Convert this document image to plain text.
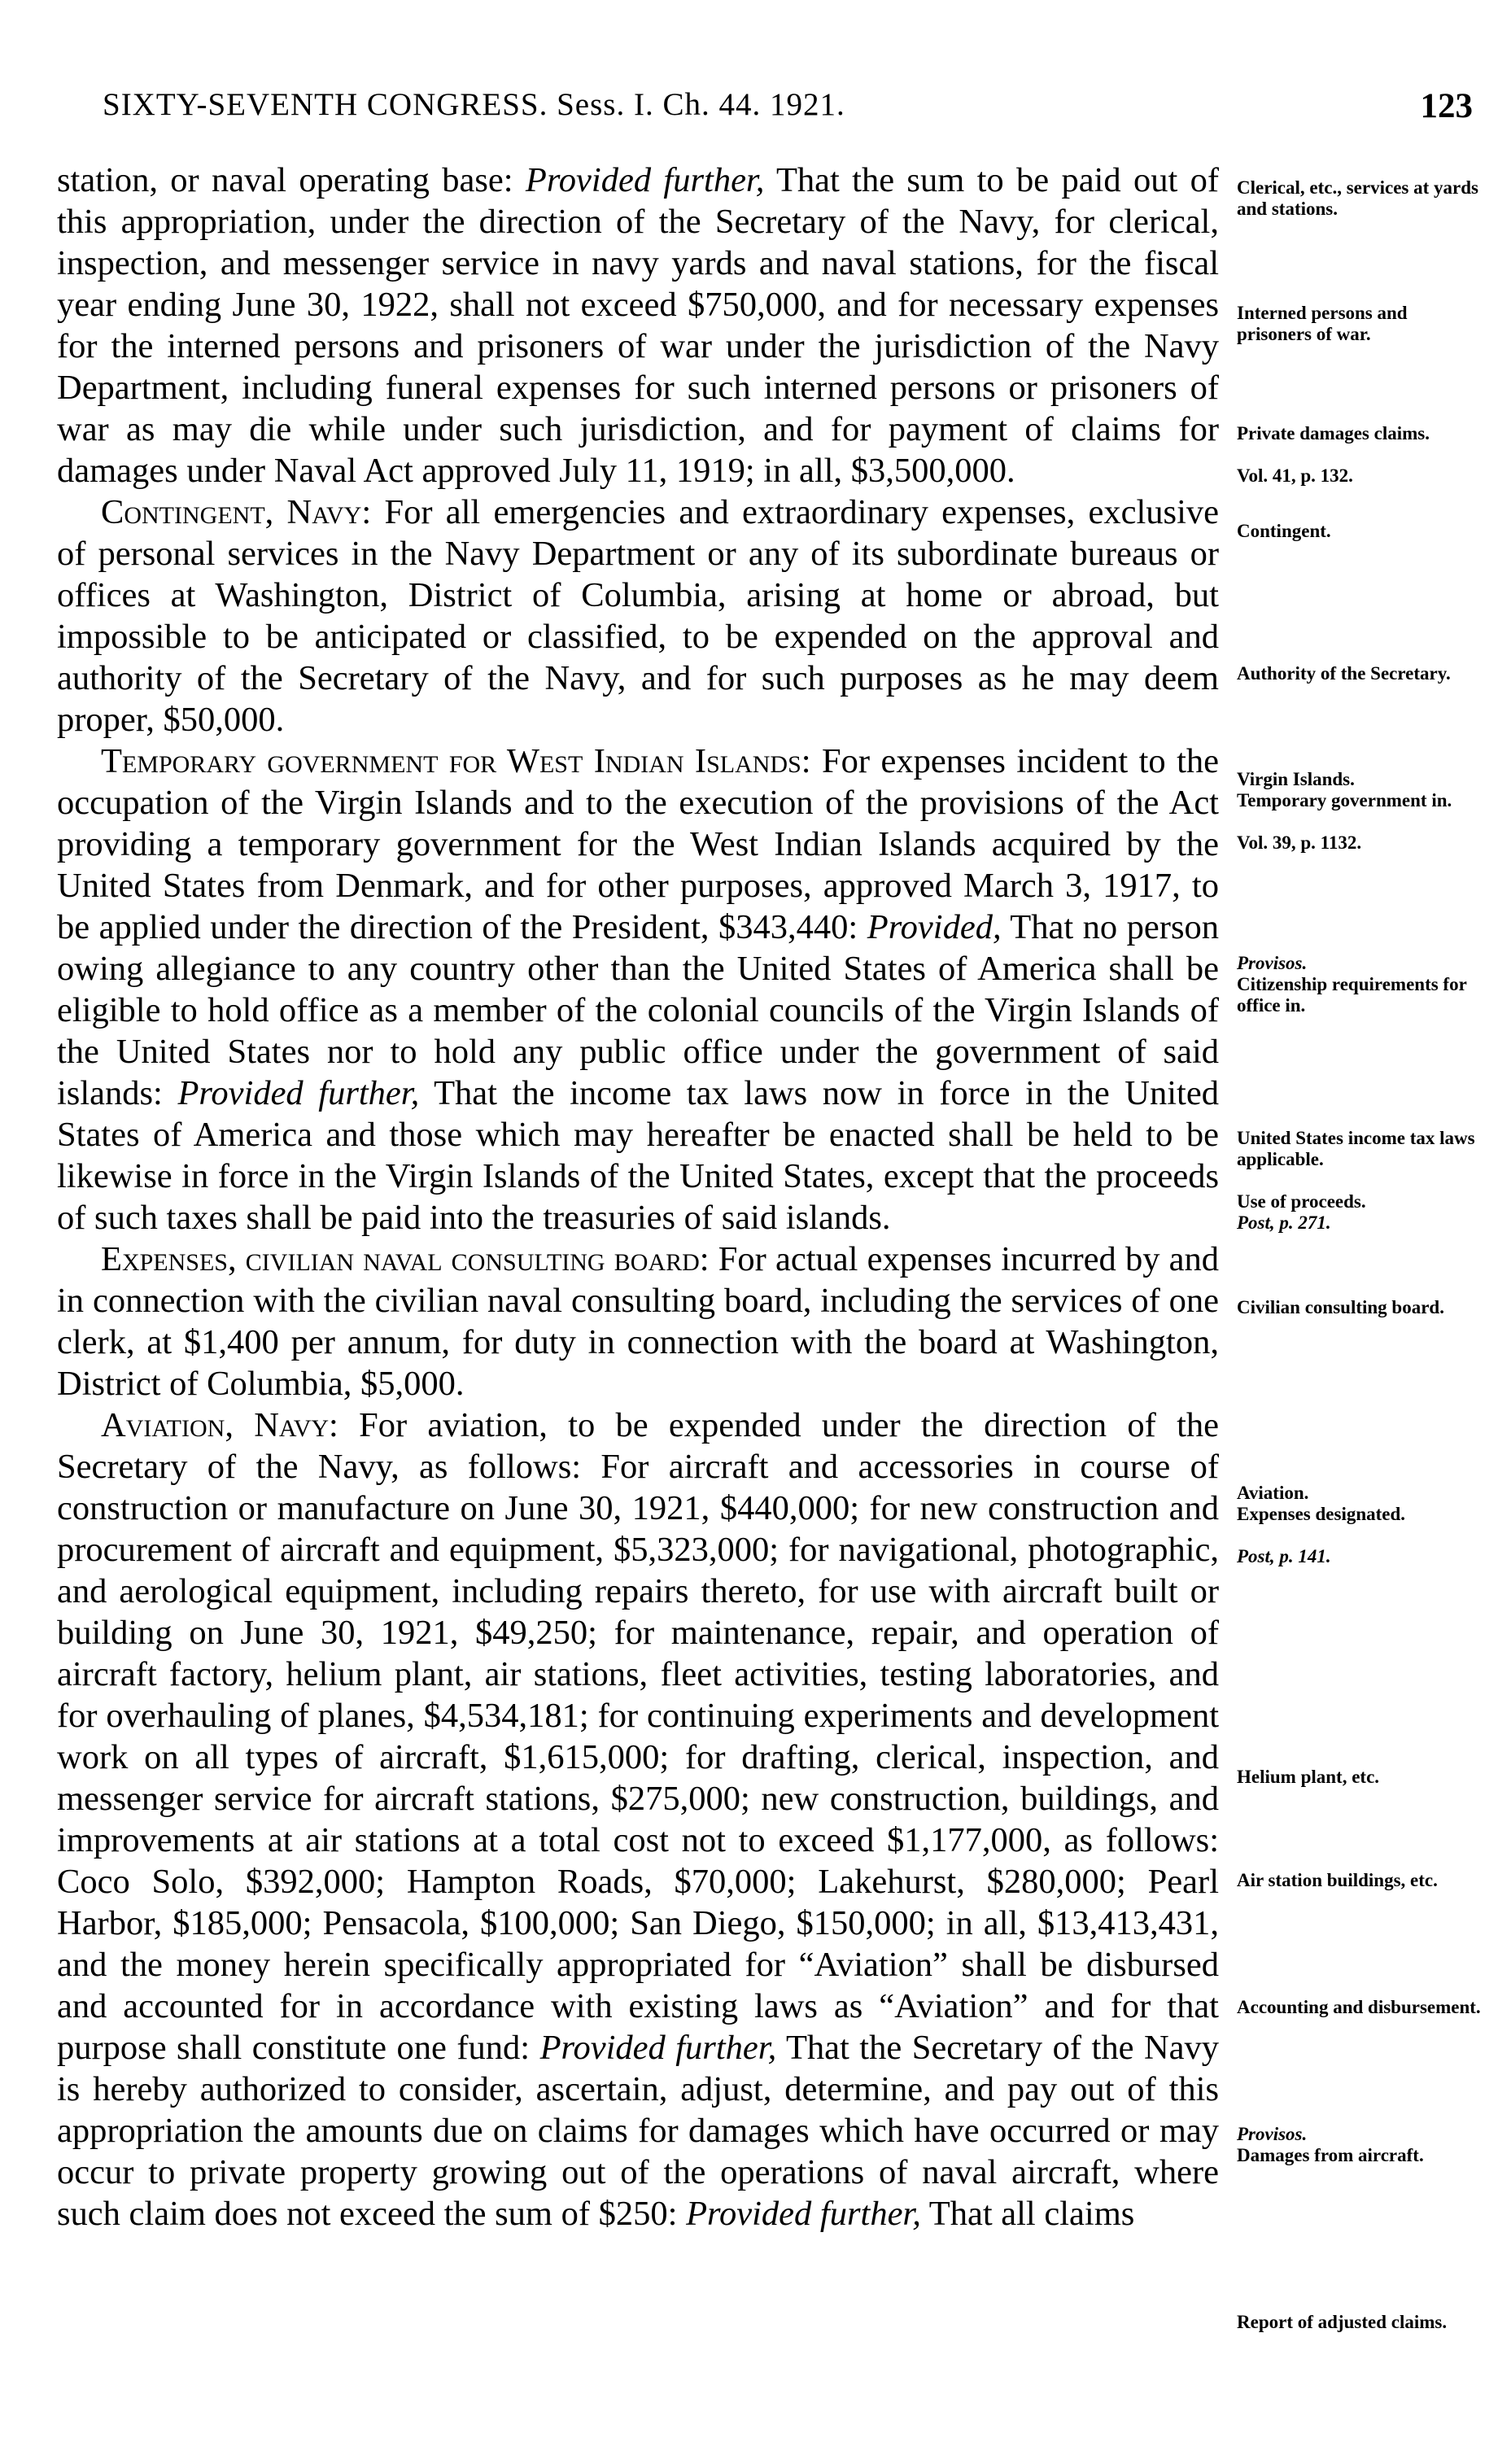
SIXTY-SEVENTH CONGRESS. Sess. I. Ch. 44. 1921.	123

station, or naval operating base: Provided further, That the sum to be paid out of this appropriation, under the direction of the Secretary of the Navy, for clerical, inspection, and messenger service in navy yards and naval stations, for the fiscal year ending June 30, 1922, shall not exceed $750,000, and for necessary expenses for the interned persons and prisoners of war under the jurisdiction of the Navy Department, including funeral expenses for such interned persons or prisoners of war as may die while under such jurisdiction, and for payment of claims for damages under Naval Act approved July 11, 1919; in all, $3,500,000.

Contingent, Navy: For all emergencies and extraordinary expenses, exclusive of personal services in the Navy Department or any of its subordinate bureaus or offices at Washington, District of Columbia, arising at home or abroad, but impossible to be anticipated or classified, to be expended on the approval and authority of the Secretary of the Navy, and for such purposes as he may deem proper, $50,000.

Temporary government for West Indian Islands: For expenses incident to the occupation of the Virgin Islands and to the execution of the provisions of the Act providing a temporary government for the West Indian Islands acquired by the United States from Denmark, and for other purposes, approved March 3, 1917, to be applied under the direction of the President, $343,440: Provided, That no person owing allegiance to any country other than the United States of America shall be eligible to hold office as a member of the colonial councils of the Virgin Islands of the United States nor to hold any public office under the government of said islands: Provided further, That the income tax laws now in force in the United States of America and those which may hereafter be enacted shall be held to be likewise in force in the Virgin Islands of the United States, except that the proceeds of such taxes shall be paid into the treasuries of said islands.

Expenses, civilian naval consulting board: For actual expenses incurred by and in connection with the civilian naval consulting board, including the services of one clerk, at $1,400 per annum, for duty in connection with the board at Washington, District of Columbia, $5,000.

Aviation, Navy: For aviation, to be expended under the direction of the Secretary of the Navy, as follows: For aircraft and accessories in course of construction or manufacture on June 30, 1921, $440,000; for new construction and procurement of aircraft and equipment, $5,323,000; for navigational, photographic, and aerological equipment, including repairs thereto, for use with aircraft built or building on June 30, 1921, $49,250; for maintenance, repair, and operation of aircraft factory, helium plant, air stations, fleet activities, testing laboratories, and for overhauling of planes, $4,534,181; for continuing experiments and development work on all types of aircraft, $1,615,000; for drafting, clerical, inspection, and messenger service for aircraft stations, $275,000; new construction, buildings, and improvements at air stations at a total cost not to exceed $1,177,000, as follows: Coco Solo, $392,000; Hampton Roads, $70,000; Lakehurst, $280,000; Pearl Harbor, $185,000; Pensacola, $100,000; San Diego, $150,000; in all, $13,413,431, and the money herein specifically appropriated for “Aviation” shall be disbursed and accounted for in accordance with existing laws as “Aviation” and for that purpose shall constitute one fund: Provided further, That the Secretary of the Navy is hereby authorized to consider, ascertain, adjust, determine, and pay out of this appropriation the amounts due on claims for damages which have occurred or may occur to private property growing out of the operations of naval aircraft, where such claim does not exceed the sum of $250: Provided further, That all claims

Clerical, etc., services at yards and stations.
Interned persons and prisoners of war.
Private damages claims.
Vol. 41, p. 132.
Contingent.
Authority of the Secretary.
Virgin Islands.
Temporary government in.
Vol. 39, p. 1132.
Provisos.
Citizenship requirements for office in.
United States income tax laws applicable.
Use of proceeds.
Post, p. 271.
Civilian consulting board.
Aviation.
Expenses designated.
Post, p. 141.
Helium plant, etc.
Air station buildings, etc.
Accounting and disbursement.
Provisos.
Damages from aircraft.
Report of adjusted claims.
